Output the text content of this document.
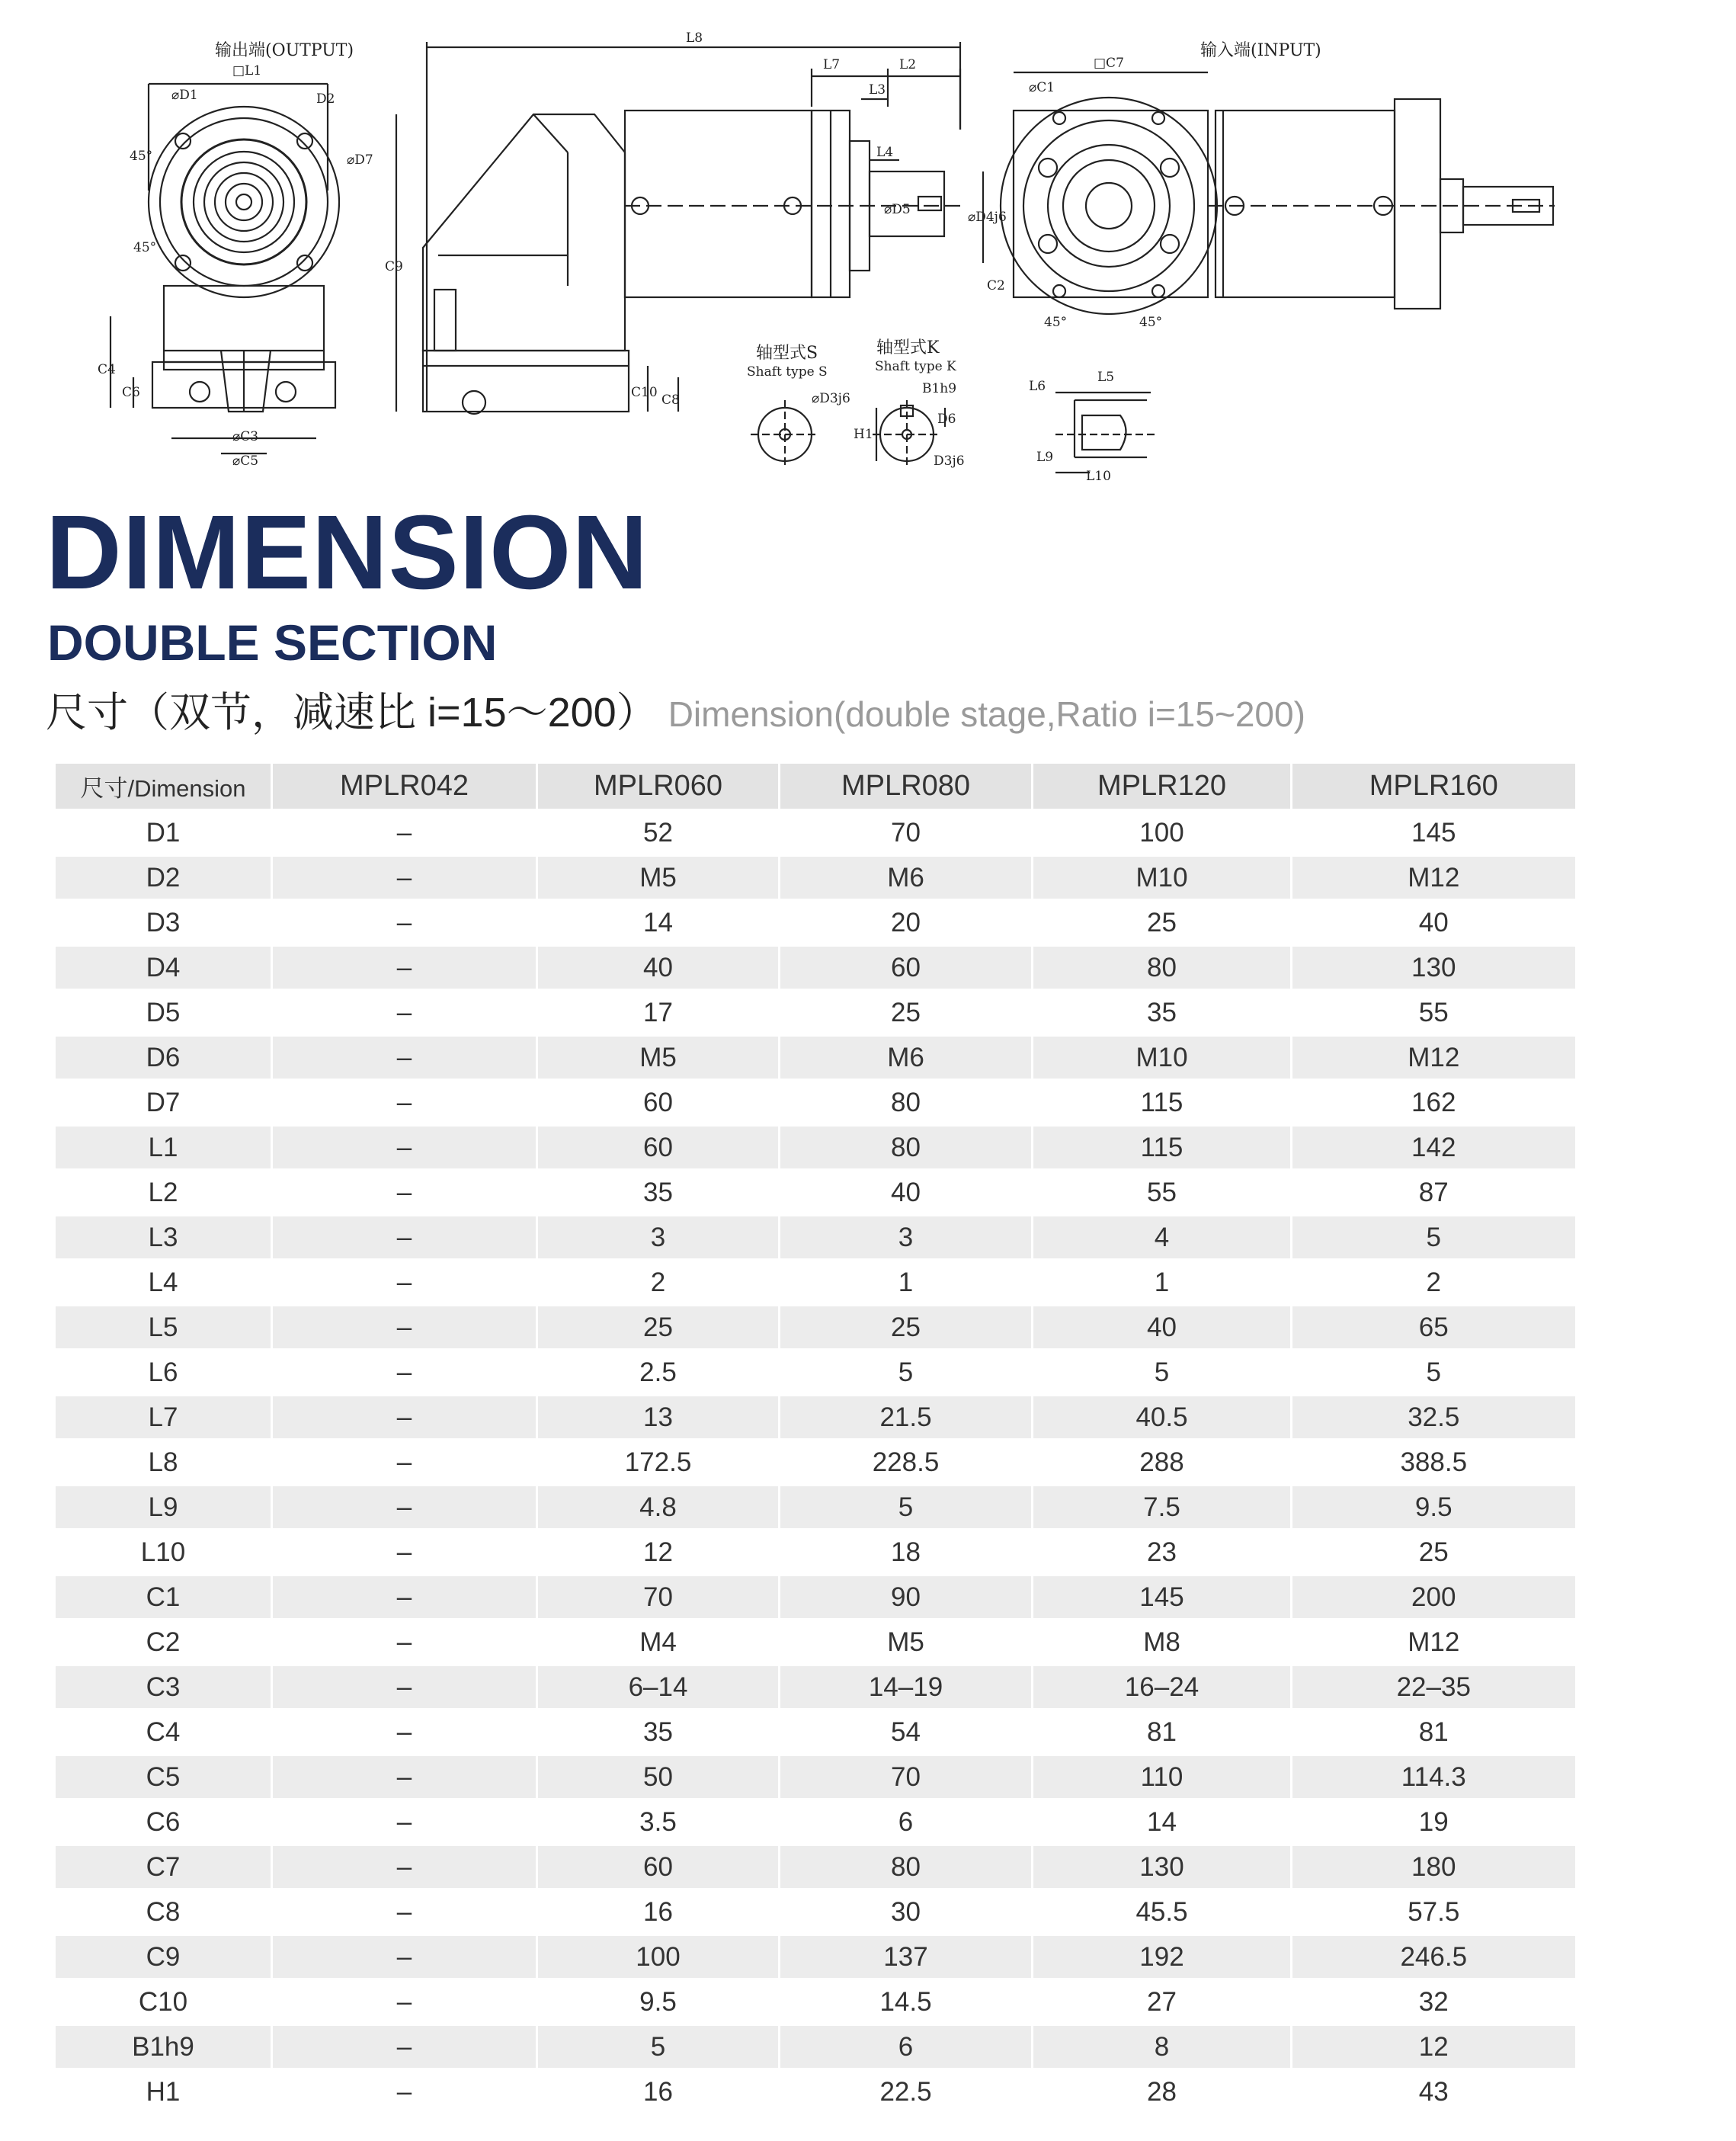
输出端(OUTPUT)	输入端(INPUT)
轴型式S	轴型式K
Shaft type S	Shaft type K
□L1
⌀D1	D2
⌀D7
45°
45°
C4
C6
⌀C3
⌀C5
L8
L7	L2
L3
L4
⌀D5	⌀D4j6
C9
C10 C8
□C7
⌀C1
C2
45°	45°
⌀D3j6
B1h9
H1
D6
D3j6
L5
L6
L9
L10
DIMENSION
DOUBLE SECTION
尺寸（双节，减速比 i=15～200） Dimension(double stage,Ratio i=15~200)
尺寸/Dimension	MPLR042	MPLR060	MPLR080	MPLR120	MPLR160
D1	–	52	70	100	145
D2	–	M5	M6	M10	M12
D3	–	14	20	25	40
D4	–	40	60	80	130
D5	–	17	25	35	55
D6	–	M5	M6	M10	M12
D7	–	60	80	115	162
L1	–	60	80	115	142
L2	–	35	40	55	87
L3	–	3	3	4	5
L4	–	2	1	1	2
L5	–	25	25	40	65
L6	–	2.5	5	5	5
L7	–	13	21.5	40.5	32.5
L8	–	172.5	228.5	288	388.5
L9	–	4.8	5	7.5	9.5
L10	–	12	18	23	25
C1	–	70	90	145	200
C2	–	M4	M5	M8	M12
C3	–	6–14	14–19	16–24	22–35
C4	–	35	54	81	81
C5	–	50	70	110	114.3
C6	–	3.5	6	14	19
C7	–	60	80	130	180
C8	–	16	30	45.5	57.5
C9	–	100	137	192	246.5
C10	–	9.5	14.5	27	32
B1h9	–	5	6	8	12
H1	–	16	22.5	28	43
